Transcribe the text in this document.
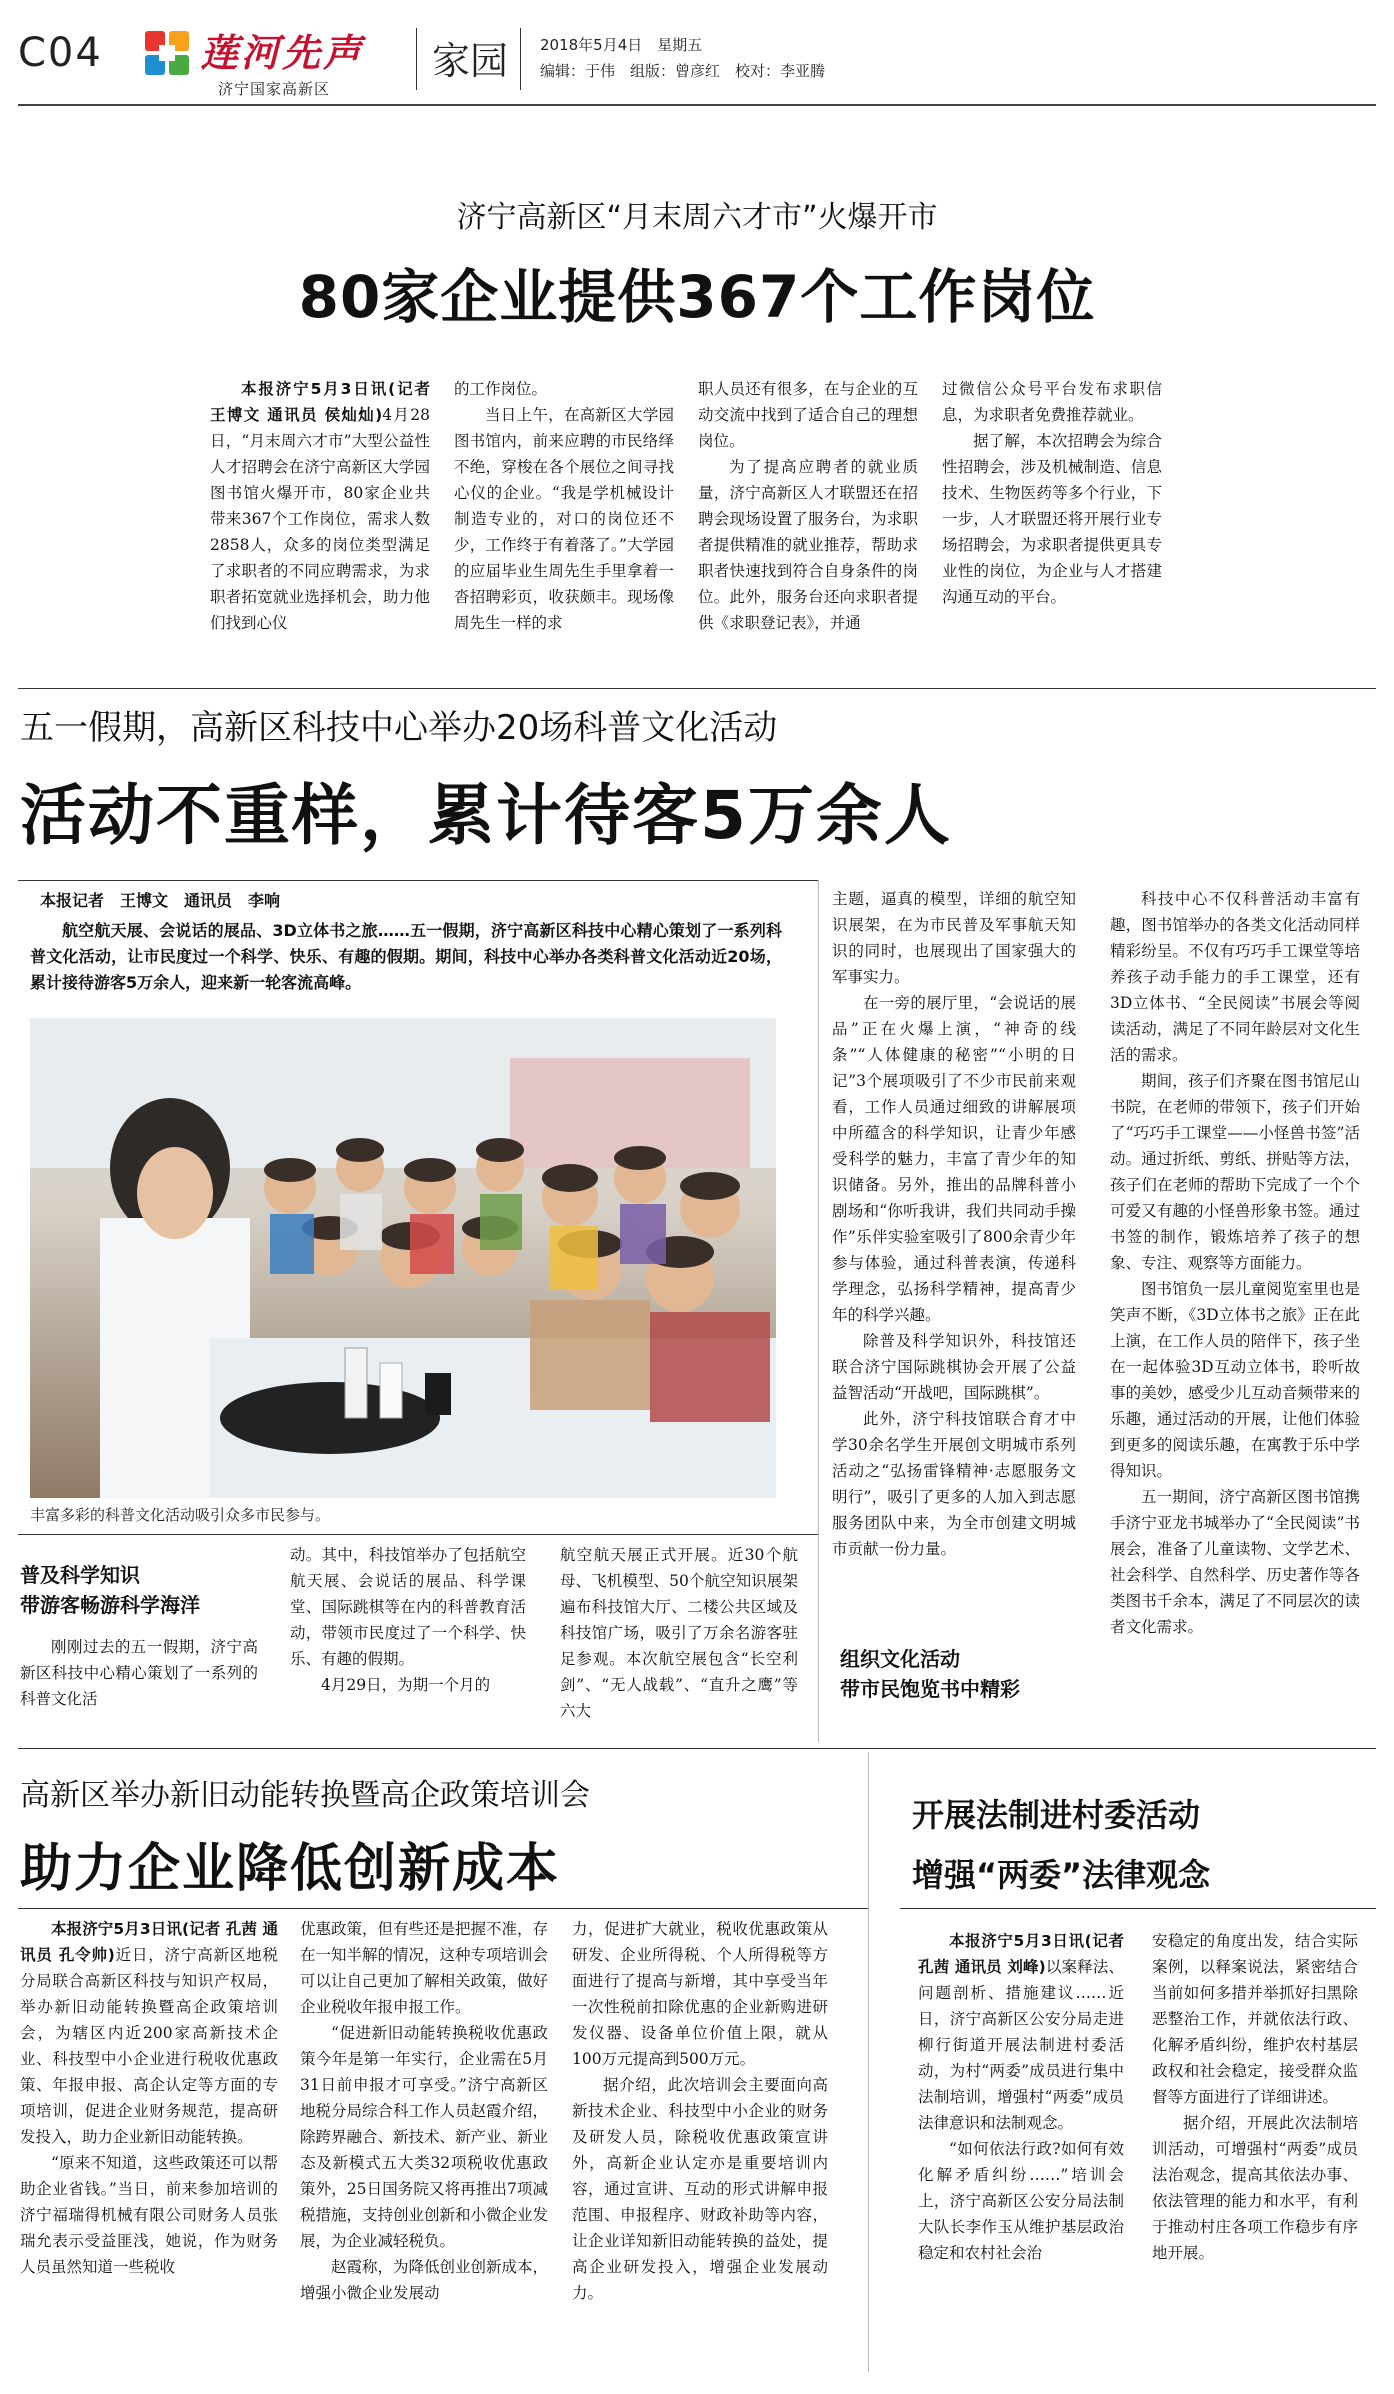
C04	莲河先声
济宁国家高新区
家园 2018年5月4日　星期五
编辑：于伟　组版：曾彦红　校对：李亚腾
济宁高新区“月末周六才市”火爆开市
80家企业提供367个工作岗位
本报济宁5月3日讯(记者 王博文 通讯员 侯灿灿)4月28日，“月末周六才市”大型公益性人才招聘会在济宁高新区大学园图书馆火爆开市，80家企业共带来367个工作岗位，需求人数2858人，众多的岗位类型满足了求职者的不同应聘需求，为求职者拓宽就业选择机会，助力他们找到心仪

的工作岗位。

当日上午，在高新区大学园图书馆内，前来应聘的市民络绎不绝，穿梭在各个展位之间寻找心仪的企业。“我是学机械设计制造专业的，对口的岗位还不少，工作终于有着落了。”大学园的应届毕业生周先生手里拿着一沓招聘彩页，收获颇丰。现场像周先生一样的求

职人员还有很多，在与企业的互动交流中找到了适合自己的理想岗位。

为了提高应聘者的就业质量，济宁高新区人才联盟还在招聘会现场设置了服务台，为求职者提供精准的就业推荐，帮助求职者快速找到符合自身条件的岗位。此外，服务台还向求职者提供《求职登记表》，并通

过微信公众号平台发布求职信息，为求职者免费推荐就业。

据了解，本次招聘会为综合性招聘会，涉及机械制造、信息技术、生物医药等多个行业，下一步，人才联盟还将开展行业专场招聘会，为求职者提供更具专业性的岗位，为企业与人才搭建沟通互动的平台。

五一假期，高新区科技中心举办20场科普文化活动
活动不重样，累计待客5万余人
本报记者　王博文　通讯员　李响
航空航天展、会说话的展品、3D立体书之旅……五一假期，济宁高新区科技中心精心策划了一系列科普文化活动，让市民度过一个科学、快乐、有趣的假期。期间，科技中心举办各类科普文化活动近20场，累计接待游客5万余人，迎来新一轮客流高峰。
丰富多彩的科普文化活动吸引众多市民参与。
普及科学知识
带游客畅游科学海洋
刚刚过去的五一假期，济宁高新区科技中心精心策划了一系列的科普文化活

动。其中，科技馆举办了包括航空航天展、会说话的展品、科学课堂、国际跳棋等在内的科普教育活动，带领市民度过了一个科学、快乐、有趣的假期。

4月29日，为期一个月的

航空航天展正式开展。近30个航母、飞机模型、50个航空知识展架遍布科技馆大厅、二楼公共区域及科技馆广场，吸引了万余名游客驻足参观。本次航空展包含“长空利剑”、“无人战载”、“直升之鹰”等六大

主题，逼真的模型，详细的航空知识展架，在为市民普及军事航天知识的同时，也展现出了国家强大的军事实力。

在一旁的展厅里，“会说话的展品”正在火爆上演，“神奇的线条”“人体健康的秘密”“小明的日记”3个展项吸引了不少市民前来观看，工作人员通过细致的讲解展项中所蕴含的科学知识，让青少年感受科学的魅力，丰富了青少年的知识储备。另外，推出的品牌科普小剧场和“你听我讲，我们共同动手操作”乐伴实验室吸引了800余青少年参与体验，通过科普表演，传递科学理念，弘扬科学精神，提高青少年的科学兴趣。

除普及科学知识外，科技馆还联合济宁国际跳棋协会开展了公益益智活动“开战吧，国际跳棋”。

此外，济宁科技馆联合育才中学30余名学生开展创文明城市系列活动之“弘扬雷锋精神·志愿服务文明行”，吸引了更多的人加入到志愿服务团队中来，为全市创建文明城市贡献一份力量。

组织文化活动
带市民饱览书中精彩

科技中心不仅科普活动丰富有趣，图书馆举办的各类文化活动同样精彩纷呈。不仅有巧巧手工课堂等培养孩子动手能力的手工课堂，还有3D立体书、“全民阅读”书展会等阅读活动，满足了不同年龄层对文化生活的需求。

期间，孩子们齐聚在图书馆尼山书院，在老师的带领下，孩子们开始了“巧巧手工课堂——小怪兽书签”活动。通过折纸、剪纸、拼贴等方法，孩子们在老师的帮助下完成了一个个可爱又有趣的小怪兽形象书签。通过书签的制作，锻炼培养了孩子的想象、专注、观察等方面能力。

图书馆负一层儿童阅览室里也是笑声不断，《3D立体书之旅》正在此上演，在工作人员的陪伴下，孩子坐在一起体验3D互动立体书，聆听故事的美妙，感受少儿互动音频带来的乐趣，通过活动的开展，让他们体验到更多的阅读乐趣，在寓教于乐中学得知识。

五一期间，济宁高新区图书馆携手济宁亚龙书城举办了“全民阅读”书展会，准备了儿童读物、文学艺术、社会科学、自然科学、历史著作等各类图书千余本，满足了不同层次的读者文化需求。

高新区举办新旧动能转换暨高企政策培训会
助力企业降低创新成本
本报济宁5月3日讯(记者 孔茜 通讯员 孔令帅)近日，济宁高新区地税分局联合高新区科技与知识产权局，举办新旧动能转换暨高企政策培训会，为辖区内近200家高新技术企业、科技型中小企业进行税收优惠政策、年报申报、高企认定等方面的专项培训，促进企业财务规范，提高研发投入，助力企业新旧动能转换。

“原来不知道，这些政策还可以帮助企业省钱。”当日，前来参加培训的济宁福瑞得机械有限公司财务人员张瑞允表示受益匪浅，她说，作为财务人员虽然知道一些税收

优惠政策，但有些还是把握不准，存在一知半解的情况，这种专项培训会可以让自己更加了解相关政策，做好企业税收年报申报工作。

“促进新旧动能转换税收优惠政策今年是第一年实行，企业需在5月31日前申报才可享受。”济宁高新区地税分局综合科工作人员赵霞介绍，除跨界融合、新技术、新产业、新业态及新模式五大类32项税收优惠政策外，25日国务院又将再推出7项减税措施，支持创业创新和小微企业发展，为企业减轻税负。

赵霞称，为降低创业创新成本，增强小微企业发展动

力，促进扩大就业，税收优惠政策从研发、企业所得税、个人所得税等方面进行了提高与新增，其中享受当年一次性税前扣除优惠的企业新购进研发仪器、设备单位价值上限，就从100万元提高到500万元。

据介绍，此次培训会主要面向高新技术企业、科技型中小企业的财务及研发人员，除税收优惠政策宣讲外，高新企业认定亦是重要培训内容，通过宣讲、互动的形式讲解申报范围、申报程序、财政补助等内容，让企业详知新旧动能转换的益处，提高企业研发投入，增强企业发展动力。

开展法制进村委活动
增强“两委”法律观念
本报济宁5月3日讯(记者 孔茜 通讯员 刘峰)以案释法、问题剖析、措施建议……近日，济宁高新区公安分局走进柳行街道开展法制进村委活动，为村“两委”成员进行集中法制培训，增强村“两委”成员法律意识和法制观念。

“如何依法行政?如何有效化解矛盾纠纷……”培训会上，济宁高新区公安分局法制大队长李作玉从维护基层政治稳定和农村社会治

安稳定的角度出发，结合实际案例，以释案说法，紧密结合当前如何多措并举抓好扫黑除恶整治工作，并就依法行政、化解矛盾纠纷，维护农村基层政权和社会稳定，接受群众监督等方面进行了详细讲述。

据介绍，开展此次法制培训活动，可增强村“两委”成员法治观念，提高其依法办事、依法管理的能力和水平，有利于推动村庄各项工作稳步有序地开展。
